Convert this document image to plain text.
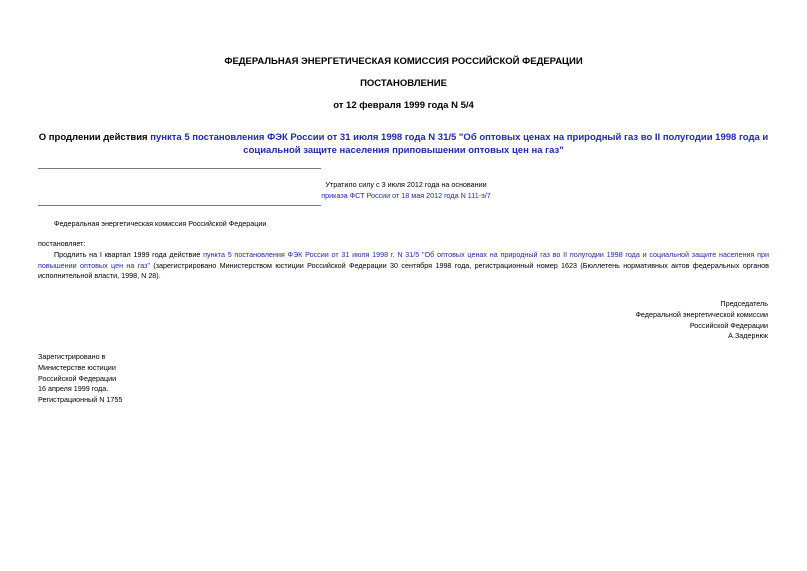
ФЕДЕРАЛЬНАЯ ЭНЕРГЕТИЧЕСКАЯ КОМИССИЯ РОССИЙСКОЙ ФЕДЕРАЦИИ
ПОСТАНОВЛЕНИЕ
от 12 февраля 1999 года N 5/4
О продлении действия пункта 5 постановления ФЭК России от 31 июля 1998 года N 31/5 "Об оптовых ценах на природный газ во II полугодии 1998 года и
социальной защите населения приповышении оптовых цен на газ"
Утратило силу с 3 июля 2012 года на основании
приказа ФСТ России от 18 мая 2012 года N 111-э/7
Федеральная энергетическая комиссия Российской Федерации
постановляет:
Продлить на I квартал 1999 года действие пункта 5 постановления ФЭК России от 31 июля 1998 г. N 31/5 "Об оптовых ценах на природный газ во II полугодии 1998 года и социальной защите населения при повышении оптовых цен на газ" (зарегистрировано Министерством юстиции Российской Федерации 30 сентября 1998 года, регистрационный номер 1623 (Бюллетень нормативных актов федеральных органов исполнительной власти, 1998, N 28).
Председатель
Федеральной энергетической комиссии
Российской Федерации
А.Задернюк
Зарегистрировано в
Министерстве юстиции
Российской Федерации
16 апреля 1999 года.
Регистрационный N 1755
